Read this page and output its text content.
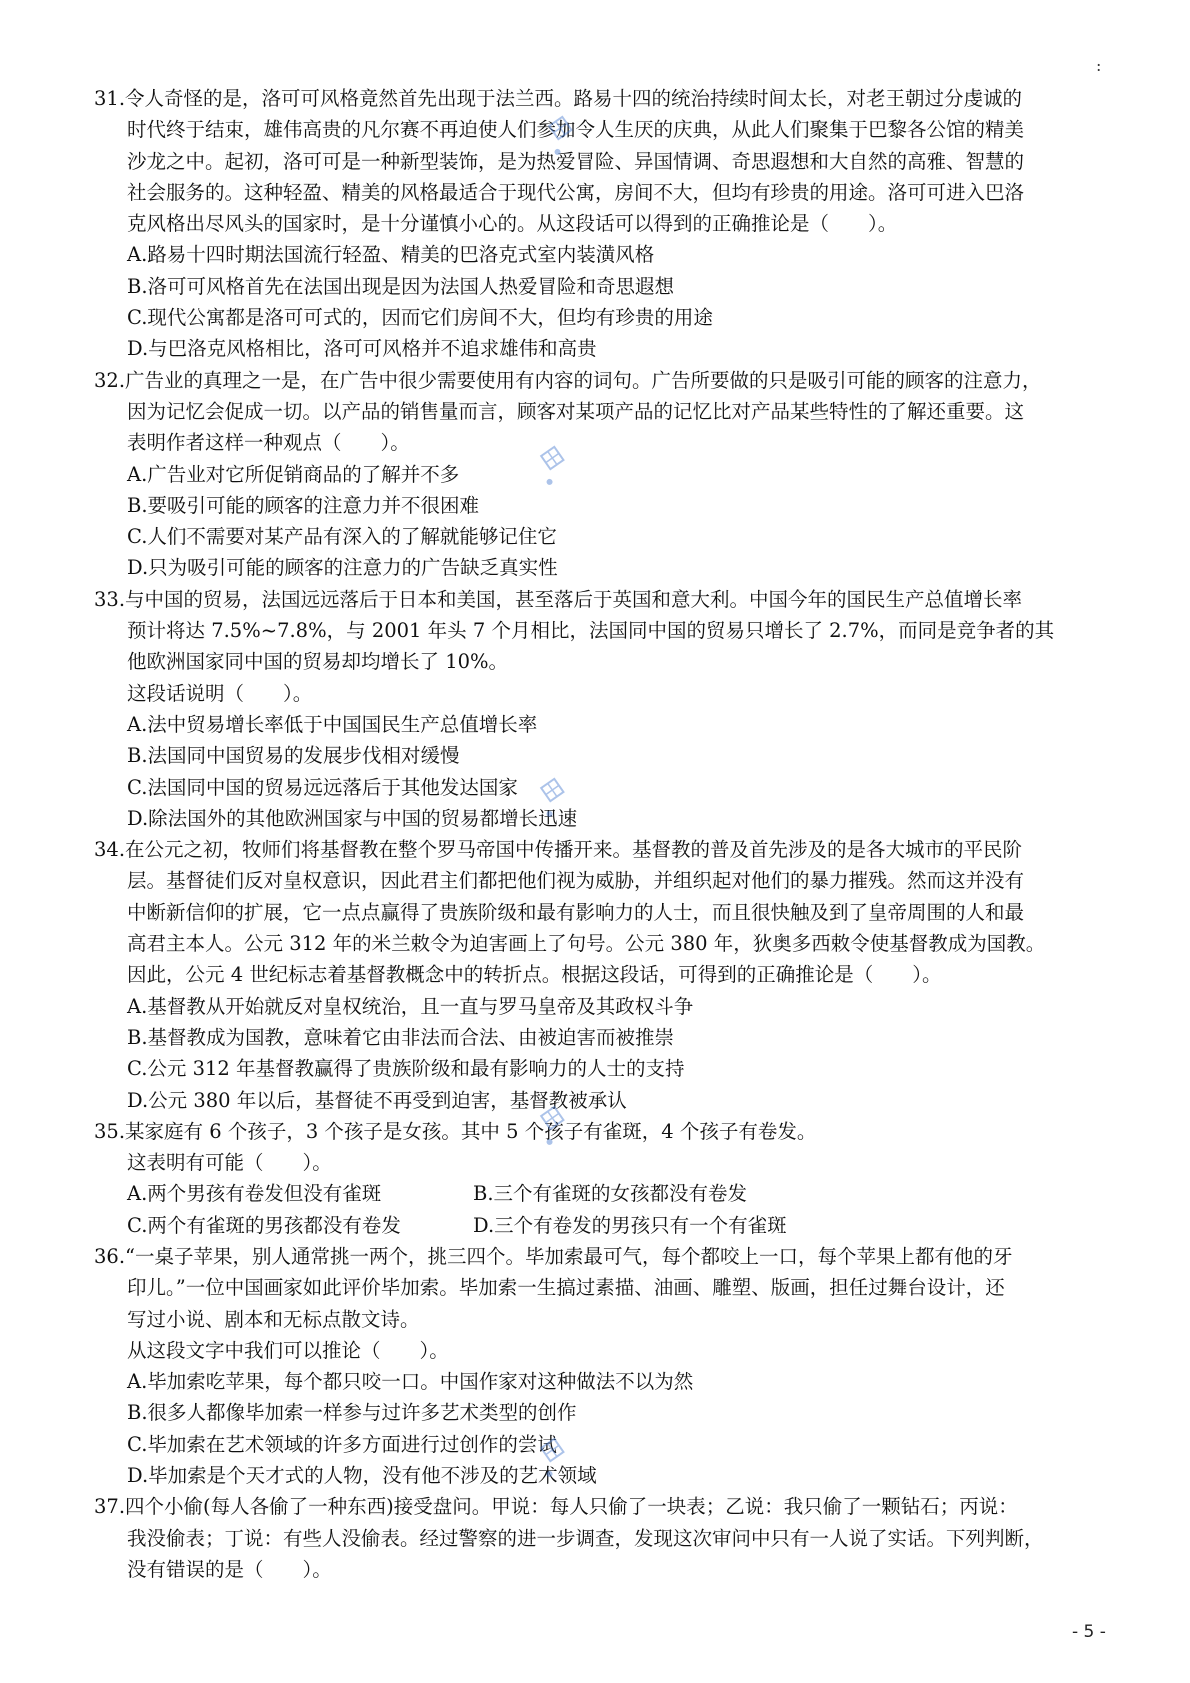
:
31.令人奇怪的是，洛可可风格竟然首先出现于法兰西。路易十四的统治持续时间太长，对老王朝过分虔诚的
时代终于结束，雄伟高贵的凡尔赛不再迫使人们参加令人生厌的庆典，从此人们聚集于巴黎各公馆的精美
沙龙之中。起初，洛可可是一种新型装饰，是为热爱冒险、异国情调、奇思遐想和大自然的高雅、智慧的
社会服务的。这种轻盈、精美的风格最适合于现代公寓，房间不大，但均有珍贵的用途。洛可可进入巴洛
克风格出尽风头的国家时，是十分谨慎小心的。从这段话可以得到的正确推论是（　　）。
A.路易十四时期法国流行轻盈、精美的巴洛克式室内装潢风格
B.洛可可风格首先在法国出现是因为法国人热爱冒险和奇思遐想
C.现代公寓都是洛可可式的，因而它们房间不大，但均有珍贵的用途
D.与巴洛克风格相比，洛可可风格并不追求雄伟和高贵
32.广告业的真理之一是，在广告中很少需要使用有内容的词句。广告所要做的只是吸引可能的顾客的注意力，
因为记忆会促成一切。以产品的销售量而言，顾客对某项产品的记忆比对产品某些特性的了解还重要。这
表明作者这样一种观点（　　）。
A.广告业对它所促销商品的了解并不多
B.要吸引可能的顾客的注意力并不很困难
C.人们不需要对某产品有深入的了解就能够记住它
D.只为吸引可能的顾客的注意力的广告缺乏真实性
33.与中国的贸易，法国远远落后于日本和美国，甚至落后于英国和意大利。中国今年的国民生产总值增长率
预计将达 7.5%~7.8%，与 2001 年头 7 个月相比，法国同中国的贸易只增长了 2.7%，而同是竞争者的其
他欧洲国家同中国的贸易却均增长了 10%。
这段话说明（　　）。
A.法中贸易增长率低于中国国民生产总值增长率
B.法国同中国贸易的发展步伐相对缓慢
C.法国同中国的贸易远远落后于其他发达国家
D.除法国外的其他欧洲国家与中国的贸易都增长迅速
34.在公元之初，牧师们将基督教在整个罗马帝国中传播开来。基督教的普及首先涉及的是各大城市的平民阶
层。基督徒们反对皇权意识，因此君主们都把他们视为威胁，并组织起对他们的暴力摧残。然而这并没有
中断新信仰的扩展，它一点点赢得了贵族阶级和最有影响力的人士，而且很快触及到了皇帝周围的人和最
高君主本人。公元 312 年的米兰敕令为迫害画上了句号。公元 380 年，狄奥多西敕令使基督教成为国教。
因此，公元 4 世纪标志着基督教概念中的转折点。根据这段话，可得到的正确推论是（　　）。
A.基督教从开始就反对皇权统治，且一直与罗马皇帝及其政权斗争
B.基督教成为国教，意味着它由非法而合法、由被迫害而被推崇
C.公元 312 年基督教赢得了贵族阶级和最有影响力的人士的支持
D.公元 380 年以后，基督徒不再受到迫害，基督教被承认
35.某家庭有 6 个孩子，3 个孩子是女孩。其中 5 个孩子有雀斑，4 个孩子有卷发。
这表明有可能（　　）。
A.两个男孩有卷发但没有雀斑	B.三个有雀斑的女孩都没有卷发
C.两个有雀斑的男孩都没有卷发	D.三个有卷发的男孩只有一个有雀斑
36.“一桌子苹果，别人通常挑一两个，挑三四个。毕加索最可气，每个都咬上一口，每个苹果上都有他的牙
印儿。”一位中国画家如此评价毕加索。毕加索一生搞过素描、油画、雕塑、版画，担任过舞台设计，还
写过小说、剧本和无标点散文诗。
从这段文字中我们可以推论（　　）。
A.毕加索吃苹果，每个都只咬一口。中国作家对这种做法不以为然
B.很多人都像毕加索一样参与过许多艺术类型的创作
C.毕加索在艺术领域的许多方面进行过创作的尝试
D.毕加索是个天才式的人物，没有他不涉及的艺术领域
37.四个小偷(每人各偷了一种东西)接受盘问。甲说：每人只偷了一块表；乙说：我只偷了一颗钻石；丙说：
我没偷表；丁说：有些人没偷表。经过警察的进一步调查，发现这次审问中只有一人说了实话。下列判断，
没有错误的是（　　）。
- 5 -
